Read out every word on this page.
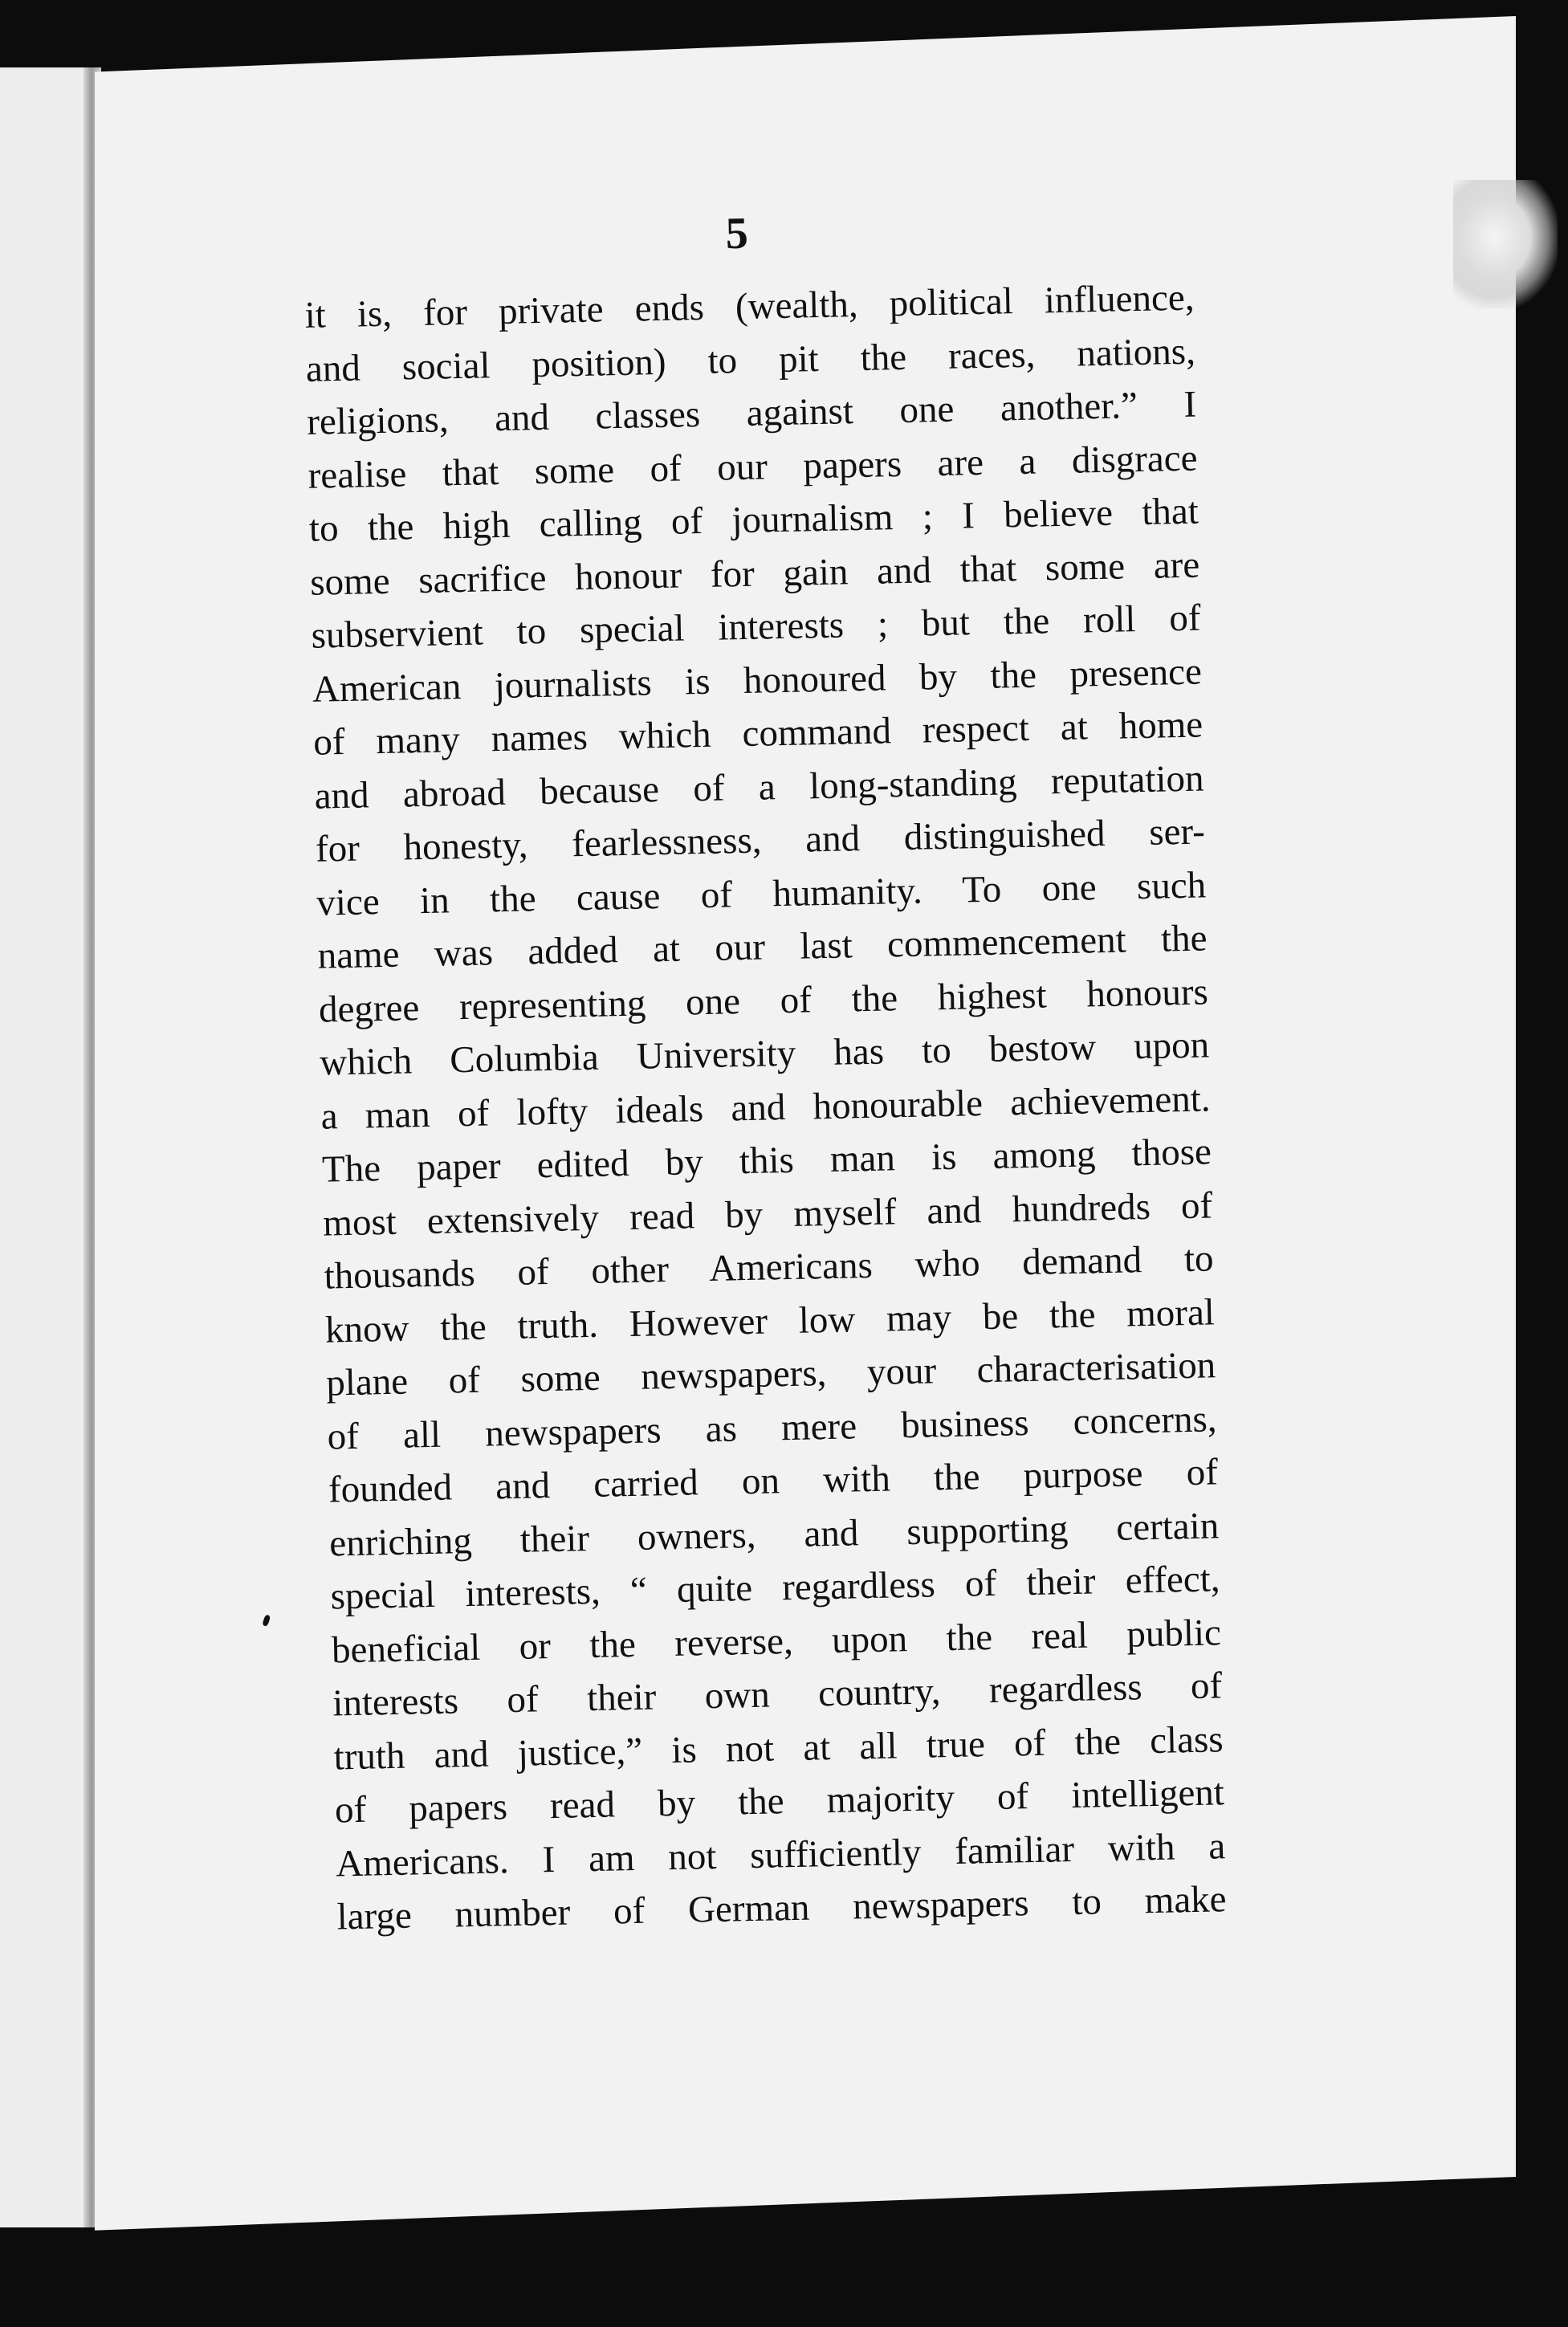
5
it is, for private ends (wealth, political influence,
and social position) to pit the races, nations,
religions, and classes against one another.” I
realise that some of our papers are a disgrace
to the high calling of journalism ; I believe that
some sacrifice honour for gain and that some are
subservient to special interests ; but the roll of
American journalists is honoured by the presence
of many names which command respect at home
and abroad because of a long-standing reputation
for honesty, fearlessness, and distinguished ser-
vice in the cause of humanity. To one such
name was added at our last commencement the
degree representing one of the highest honours
which Columbia University has to bestow upon
a man of lofty ideals and honourable achievement.
The paper edited by this man is among those
most extensively read by myself and hundreds of
thousands of other Americans who demand to
know the truth. However low may be the moral
plane of some newspapers, your characterisation
of all newspapers as mere business concerns,
founded and carried on with the purpose of
enriching their owners, and supporting certain
special interests, “ quite regardless of their effect,
beneficial or the reverse, upon the real public
interests of their own country, regardless of
truth and justice,” is not at all true of the class
of papers read by the majority of intelligent
Americans. I am not sufficiently familiar with a
large number of German newspapers to make
